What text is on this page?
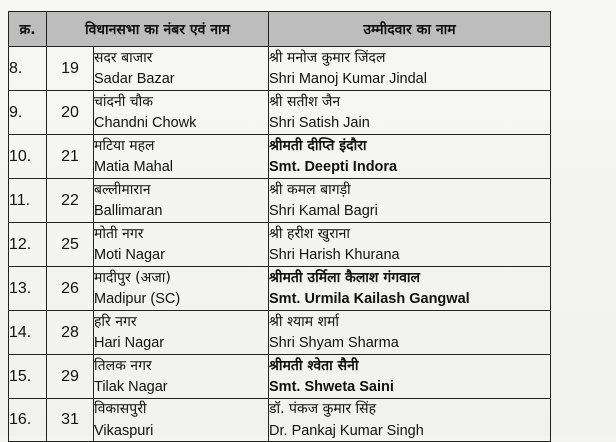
क्र.	विधानसभा का नंबर एवं नाम		उम्मीदवार का नाम
8.	19	सदर बाजार
Sadar Bazar	श्री मनोज कुमार जिंदल
Shri Manoj Kumar Jindal

9.	20	चांदनी चौक
Chandni Chowk	श्री सतीश जैन
Shri Satish Jain

10.	21	मटिया महल
Matia Mahal	श्रीमती दीप्ति इंदौरा
Smt. Deepti Indora

11.	22	बल्लीमारान
Ballimaran	श्री कमल बागड़ी
Shri Kamal Bagri

12.	25	मोती नगर
Moti Nagar	श्री हरीश खुराना
Shri Harish Khurana

13.	26	मादीपुर (अजा)
Madipur (SC)	श्रीमती उर्मिला कैलाश गंगवाल
Smt. Urmila Kailash Gangwal

14.	28	हरि नगर
Hari Nagar	श्री श्याम शर्मा
Shri Shyam Sharma

15.	29	तिलक नगर
Tilak Nagar	श्रीमती श्वेता सैनी
Smt. Shweta Saini

16.	31	विकासपुरी
Vikaspuri	डॉ. पंकज कुमार सिंह
Dr. Pankaj Kumar Singh
